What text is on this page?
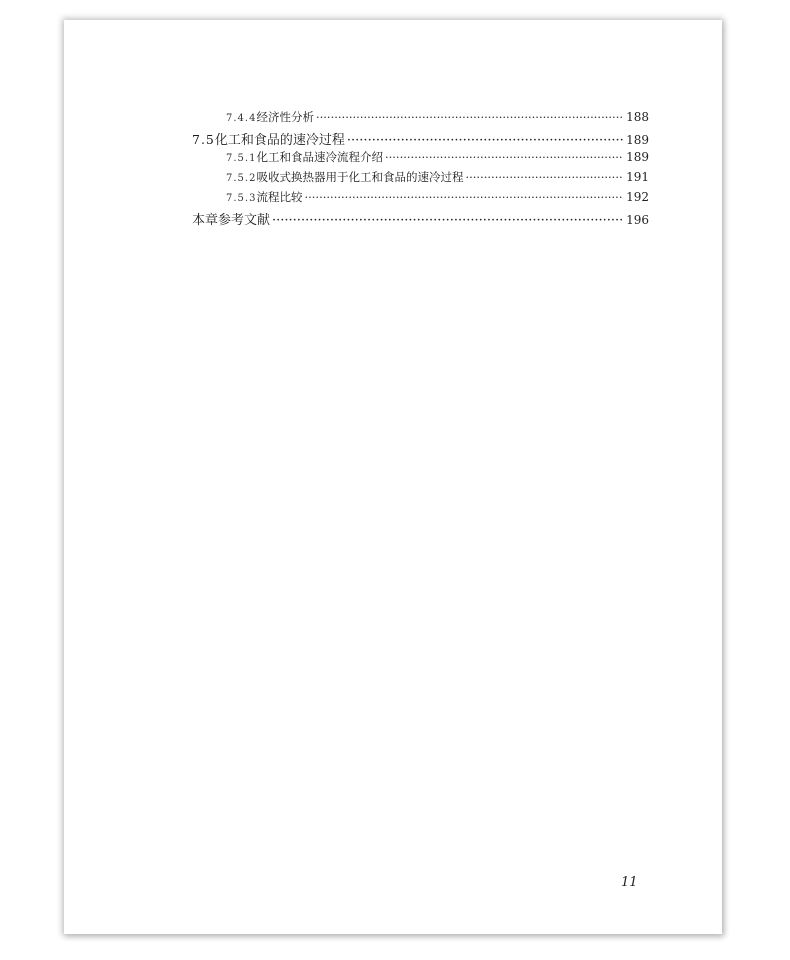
7.4.4 经济性分析 ·····	188
7.5 化工和食品的速冷过程 ·····	189
7.5.1 化工和食品速冷流程介绍 ·····	189
7.5.2 吸收式换热器用于化工和食品的速冷过程 ·····	191
7.5.3 流程比较 ·····	192
本章参考文献 ·····	196
11
